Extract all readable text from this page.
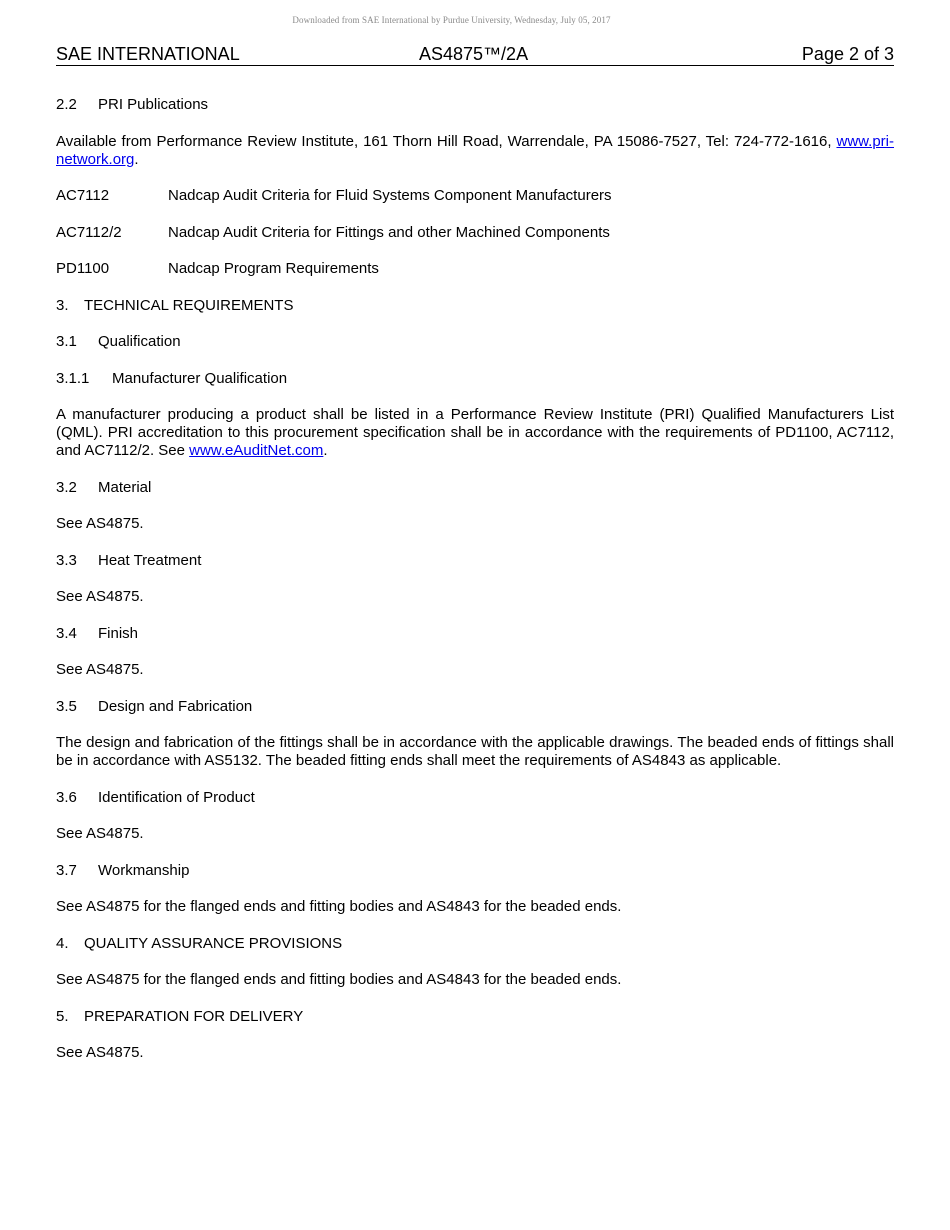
Downloaded from SAE International by Purdue University, Wednesday, July 05, 2017
SAE INTERNATIONAL	AS4875™/2A	Page 2 of 3

2.2 PRI Publications

Available from Performance Review Institute, 161 Thorn Hill Road, Warrendale, PA 15086-7527, Tel: 724-772-1616, www.pri-network.org.

AC7112	Nadcap Audit Criteria for Fluid Systems Component Manufacturers

AC7112/2	Nadcap Audit Criteria for Fittings and other Machined Components

PD1100	Nadcap Program Requirements

3. TECHNICAL REQUIREMENTS

3.1 Qualification

3.1.1 Manufacturer Qualification

A manufacturer producing a product shall be listed in a Performance Review Institute (PRI) Qualified Manufacturers List (QML). PRI accreditation to this procurement specification shall be in accordance with the requirements of PD1100, AC7112, and AC7112/2. See www.eAuditNet.com.

3.2 Material

See AS4875.

3.3 Heat Treatment

See AS4875.

3.4 Finish

See AS4875.

3.5 Design and Fabrication

The design and fabrication of the fittings shall be in accordance with the applicable drawings. The beaded ends of fittings shall be in accordance with AS5132. The beaded fitting ends shall meet the requirements of AS4843 as applicable.

3.6 Identification of Product

See AS4875.

3.7 Workmanship

See AS4875 for the flanged ends and fitting bodies and AS4843 for the beaded ends.

4. QUALITY ASSURANCE PROVISIONS

See AS4875 for the flanged ends and fitting bodies and AS4843 for the beaded ends.

5. PREPARATION FOR DELIVERY

See AS4875.
